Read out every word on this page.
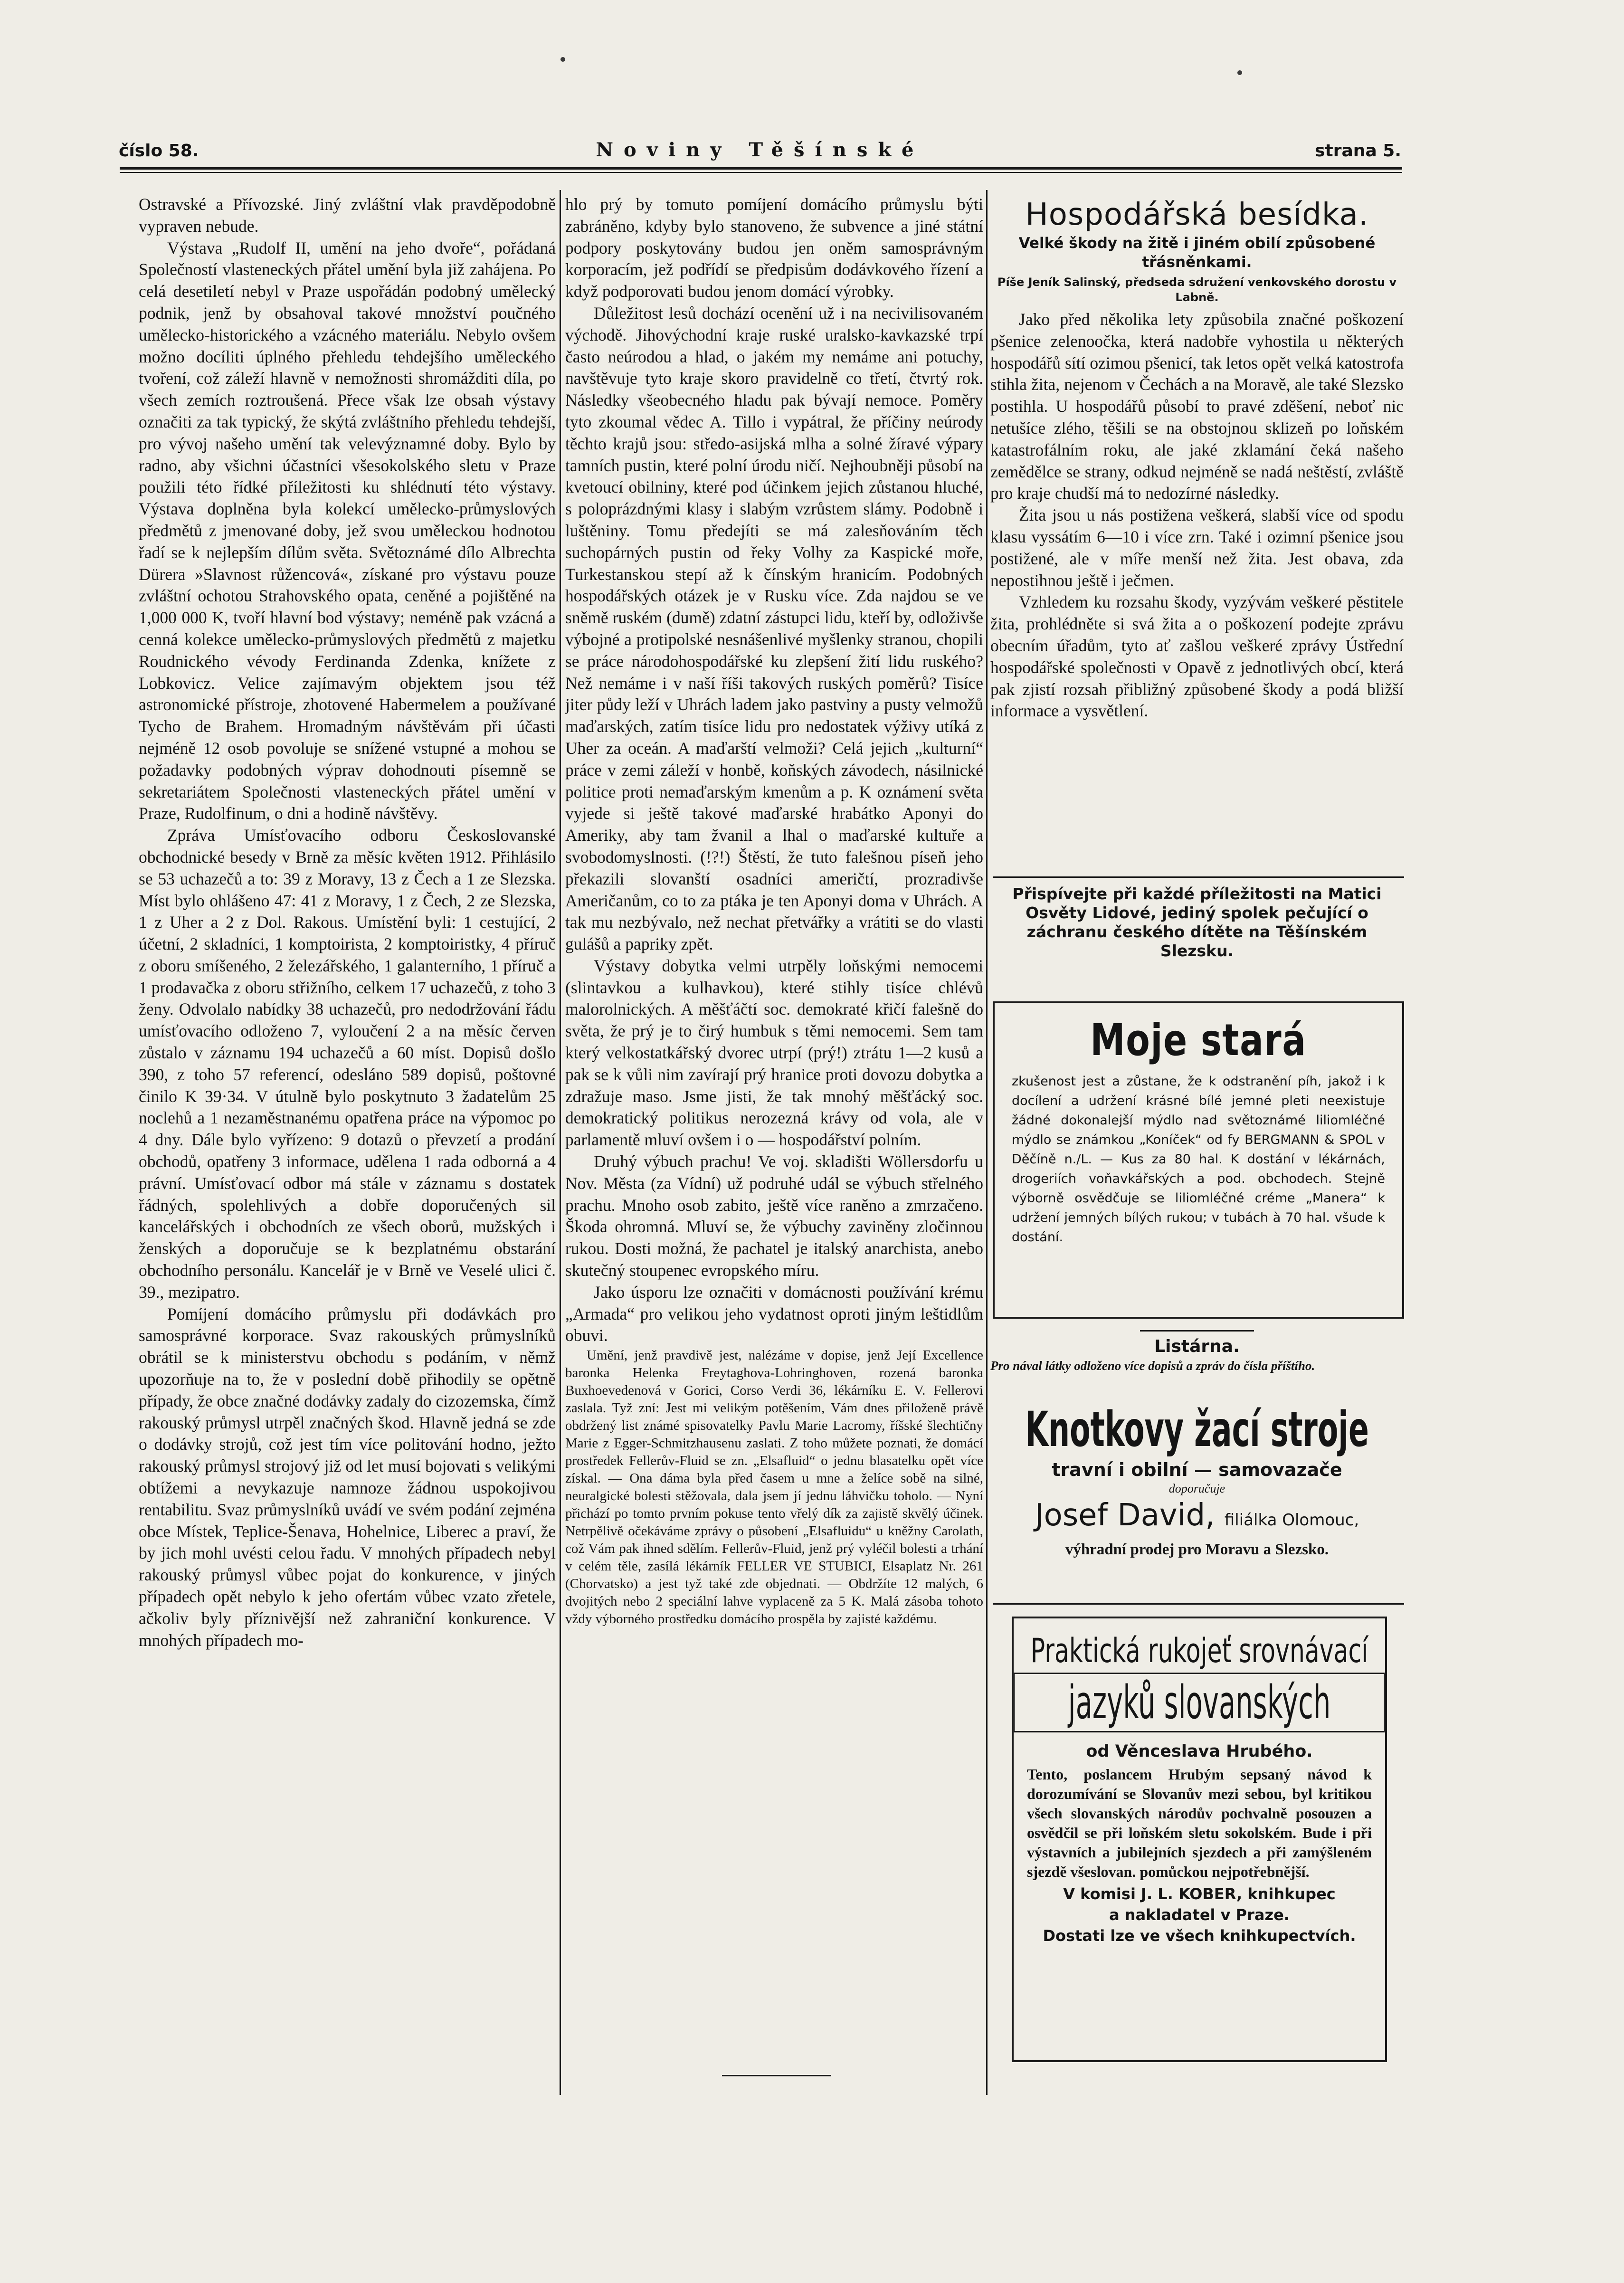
číslo 58.	Noviny Těšínské	strana 5.

Ostravské a Přívozské. Jiný zvláštní vlak pravděpodobně vypraven nebude.

Výstava „Rudolf II, umění na jeho dvoře“, pořádaná Společností vlasteneckých přátel umění byla již zahájena. Po celá desetiletí nebyl v Praze uspořádán podobný umělecký podnik, jenž by obsahoval takové množství poučného umělecko-historického a vzácného materiálu. Nebylo ovšem možno docíliti úplného přehledu tehdejšího uměleckého tvoření, což záleží hlavně v nemožnosti shromážditi díla, po všech zemích roztroušená. Přece však lze obsah výstavy označiti za tak typický, že skýtá zvláštního přehledu tehdejší, pro vývoj našeho umění tak velevýznamné doby. Bylo by radno, aby všichni účastníci všesokolského sletu v Praze použili této řídké příležitosti ku shlédnutí této výstavy. Výstava doplněna byla kolekcí umělecko-průmyslových předmětů z jmenované doby, jež svou uměleckou hodnotou řadí se k nejlepším dílům světa. Světoznámé dílo Albrechta Dürera »Slavnost růžencová«, získané pro výstavu pouze zvláštní ochotou Strahovského opata, ceněné a pojištěné na 1,000 000 K, tvoří hlavní bod výstavy; neméně pak vzácná a cenná kolekce umělecko-průmyslových předmětů z majetku Roudnického vévody Ferdinanda Zdenka, knížete z Lobkovicz. Velice zajímavým objektem jsou též astronomické přístroje, zhotovené Habermelem a používané Tycho de Brahem. Hromadným návštěvám při účasti nejméně 12 osob povoluje se snížené vstupné a mohou se požadavky podobných výprav dohodnouti písemně se sekretariátem Společnosti vlasteneckých přátel umění v Praze, Rudolfinum, o dni a hodině návštěvy.

Zpráva Umísťovacího odboru Českoslovanské obchodnické besedy v Brně za měsíc květen 1912. Přihlásilo se 53 uchazečů a to: 39 z Moravy, 13 z Čech a 1 ze Slezska. Míst bylo ohlášeno 47: 41 z Moravy, 1 z Čech, 2 ze Slezska, 1 z Uher a 2 z Dol. Rakous. Umístění byli: 1 cestující, 2 účetní, 2 skladníci, 1 komptoirista, 2 komptoiristky, 4 příruč z oboru smíšeného, 2 železářského, 1 galanterního, 1 příruč a 1 prodavačka z oboru střižního, celkem 17 uchazečů, z toho 3 ženy. Odvolalo nabídky 38 uchazečů, pro nedodržování řádu umísťovacího odloženo 7, vyloučení 2 a na měsíc červen zůstalo v záznamu 194 uchazečů a 60 míst. Dopisů došlo 390, z toho 57 referencí, odesláno 589 dopisů, poštovné činilo K 39·34. V útulně bylo poskytnuto 3 žadatelům 25 noclehů a 1 nezaměstnanému opatřena práce na výpomoc po 4 dny. Dále bylo vyřízeno: 9 dotazů o převzetí a prodání obchodů, opatřeny 3 informace, udělena 1 rada odborná a 4 právní. Umísťovací odbor má stále v záznamu s dostatek řádných, spolehlivých a dobře doporučených sil kancelářských i obchodních ze všech oborů, mužských i ženských a doporučuje se k bezplatnému obstarání obchodního personálu. Kancelář je v Brně ve Veselé ulici č. 39., mezipatro.

Pomíjení domácího průmyslu při dodávkách pro samosprávné korporace. Svaz rakouských průmyslníků obrátil se k ministerstvu obchodu s podáním, v němž upozorňuje na to, že v poslední době přihodily se opětně případy, že obce značné dodávky zadaly do cizozemska, čímž rakouský průmysl utrpěl značných škod. Hlavně jedná se zde o dodávky strojů, což jest tím více politování hodno, ježto rakouský průmysl strojový již od let musí bojovati s velikými obtížemi a nevykazuje namnoze žádnou uspokojivou rentabilitu. Svaz průmyslníků uvádí ve svém podání zejména obce Místek, Teplice-Šenava, Hohelnice, Liberec a praví, že by jich mohl uvésti celou řadu. V mnohých případech nebyl rakouský průmysl vůbec pojat do konkurence, v jiných případech opět nebylo k jeho ofertám vůbec vzato zřetele, ačkoliv byly příznivější než zahraniční konkurence. V mnohých případech mo-

hlo prý by tomuto pomíjení domácího průmyslu býti zabráněno, kdyby bylo stanoveno, že subvence a jiné státní podpory poskytovány budou jen oněm samosprávným korporacím, jež podřídí se předpisům dodávkového řízení a když podporovati budou jenom domácí výrobky.

Důležitost lesů dochází ocenění už i na necivilisovaném východě. Jihovýchodní kraje ruské uralsko-kavkazské trpí často neúrodou a hlad, o jakém my nemáme ani potuchy, navštěvuje tyto kraje skoro pravidelně co třetí, čtvrtý rok. Následky všeobecného hladu pak bývají nemoce. Poměry tyto zkoumal vědec A. Tillo i vypátral, že příčiny neúrody těchto krajů jsou: středo-asijská mlha a solné žíravé výpary tamních pustin, které polní úrodu ničí. Nejhoubněji působí na kvetoucí obilniny, které pod účinkem jejich zůstanou hluché, s poloprázdnými klasy i slabým vzrůstem slámy. Podobně i luštěniny. Tomu předejíti se má zalesňováním těch suchopárných pustin od řeky Volhy za Kaspické moře, Turkestanskou stepí až k čínským hranicím. Podobných hospodářských otázek je v Rusku více. Zda najdou se ve sněmě ruském (dumě) zdatní zástupci lidu, kteří by, odloživše výbojné a protipolské nesnášenlivé myšlenky stranou, chopili se práce národohospodářské ku zlepšení žití lidu ruského? Než nemáme i v naší říši takových ruských poměrů? Tisíce jiter půdy leží v Uhrách ladem jako pastviny a pusty velmožů maďarských, zatím tisíce lidu pro nedostatek výživy utíká z Uher za oceán. A maďarští velmoži? Celá jejich „kulturní“ práce v zemi záleží v honbě, koňských závodech, násilnické politice proti nemaďarským kmenům a p. K oznámení světa vyjede si ještě takové maďarské hrabátko Aponyi do Ameriky, aby tam žvanil a lhal o maďarské kultuře a svobodomyslnosti. (!?!) Štěstí, že tuto falešnou píseň jeho překazili slovanští osadníci američtí, prozradivše Američanům, co to za ptáka je ten Aponyi doma v Uhrách. A tak mu nezbývalo, než nechat přetvářky a vrátiti se do vlasti gulášů a papriky zpět.

Výstavy dobytka velmi utrpěly loňskými nemocemi (slintavkou a kulhavkou), které stihly tisíce chlévů malorolnických. A měšťáčtí soc. demokraté křičí falešně do světa, že prý je to čirý humbuk s těmi nemocemi. Sem tam který velkostatkářský dvorec utrpí (prý!) ztrátu 1—2 kusů a pak se k vůli nim zavírají prý hranice proti dovozu dobytka a zdražuje maso. Jsme jisti, že tak mnohý měšťácký soc. demokratický politikus nerozezná krávy od vola, ale v parlamentě mluví ovšem i o — hospodářství polním.

Druhý výbuch prachu! Ve voj. skladišti Wöllersdorfu u Nov. Města (za Vídní) už podruhé udál se výbuch střelného prachu. Mnoho osob zabito, ještě více raněno a zmrzačeno. Škoda ohromná. Mluví se, že výbuchy zaviněny zločinnou rukou. Dosti možná, že pachatel je italský anarchista, anebo skutečný stoupenec evropského míru.

Jako úsporu lze označiti v domácnosti používání krému „Armada“ pro velikou jeho vydatnost oproti jiným leštidlům obuvi.

Umění, jenž pravdivě jest, nalézáme v dopise, jenž Její Excellence baronka Helenka Freytaghova-Lohringhoven, rozená baronka Buxhoevedenová v Gorici, Corso Verdi 36, lékárníku E. V. Fellerovi zaslala. Tyž zní: Jest mi velikým potěšením, Vám dnes přiloženě právě obdržený list známé spisovatelky Pavlu Marie Lacromy, říšské šlechtičny Marie z Egger-Schmitzhausenu zaslati. Z toho můžete poznati, že domácí prostředek Fellerův-Fluid se zn. „Elsafluid“ o jednu blasatelku opět více získal. — Ona dáma byla před časem u mne a želíce sobě na silné, neuralgické bolesti stěžovala, dala jsem jí jednu láhvičku toholo. — Nyní přichází po tomto prvním pokuse tento vřelý dík za zajistě skvělý účinek. Netrpělivě očekáváme zprávy o působení „Elsafluidu“ u kněžny Carolath, což Vám pak ihned sdělím. Fellerův-Fluid, jenž prý vyléčil bolesti a trhání v celém těle, zasílá lékárník FELLER VE STUBICI, Elsaplatz Nr. 261 (Chorvatsko) a jest tyž také zde objednati. — Obdržíte 12 malých, 6 dvojitých nebo 2 speciální lahve vyplaceně za 5 K. Malá zásoba tohoto vždy výborného prostředku domácího prospěla by zajisté každému.

Hospodářská besídka.
Velké škody na žitě i jiném obilí způsobené třásněnkami.
Píše Jeník Salinský, předseda sdružení venkovského dorostu v Labně.

Jako před několika lety způsobila značné poškození pšenice zelenoočka, která nadobře vyhostila u některých hospodářů sítí ozimou pšenicí, tak letos opět velká katostrofa stihla žita, nejenom v Čechách a na Moravě, ale také Slezsko postihla. U hospodářů působí to pravé zděšení, neboť nic netušíce zlého, těšili se na obstojnou sklizeň po loňském katastrofálním roku, ale jaké zklamání čeká našeho zemědělce se strany, odkud nejméně se nadá neštěstí, zvláště pro kraje chudší má to nedozírné následky.

Žita jsou u nás postižena veškerá, slabší více od spodu klasu vyssátím 6—10 i více zrn. Také i ozimní pšenice jsou postižené, ale v míře menší než žita. Jest obava, zda nepostihnou ještě i ječmen.

Vzhledem ku rozsahu škody, vyzývám veškeré pěstitele žita, prohlédněte si svá žita a o poškození podejte zprávu obecním úřadům, tyto ať zašlou veškeré zprávy Ústřední hospodářské společnosti v Opavě z jednotlivých obcí, která pak zjistí rozsah přibližný způsobené škody a podá bližší informace a vysvětlení.

Přispívejte při každé příležitosti na Matici Osvěty Lidové, jediný spolek pečující o záchranu českého dítěte na Těšínském Slezsku.
Moje stará
zkušenost jest a zůstane, že k odstranění píh, jakož i k docílení a udržení krásné bílé jemné pleti neexistuje žádné dokonalejší mýdlo nad světoznámé liliomléčné mýdlo se známkou „Koníček“ od fy BERGMANN & SPOL v Děčíně n./L. — Kus za 80 hal. K dostání v lékárnách, drogeriích voňavkářských a pod. obchodech. Stejně výborně osvědčuje se liliomléčné créme „Manera“ k udržení jemných bílých rukou; v tubách à 70 hal. všude k dostání.
Listárna.
Pro nával látky odloženo více dopisů a zpráv do čísla příštího.
Knotkovy žací stroje
travní i obilní — samovazače
doporučuje
Josef David, filiálka Olomouc,
výhradní prodej pro Moravu a Slezsko.
Praktická rukojeť srovnávací
jazyků slovanských
od Věnceslava Hrubého.
Tento, poslancem Hrubým sepsaný návod k dorozumívání se Slovanův mezi sebou, byl kritikou všech slovanských národův pochvalně posouzen a osvědčil se při loňském sletu sokolském. Bude i při výstavních a jubilejních sjezdech a při zamýšleném sjezdě všeslovan. pomůckou nejpotřebnější.
V komisi J. L. KOBER, knihkupec
a nakladatel v Praze.
Dostati lze ve všech knihkupectvích.
